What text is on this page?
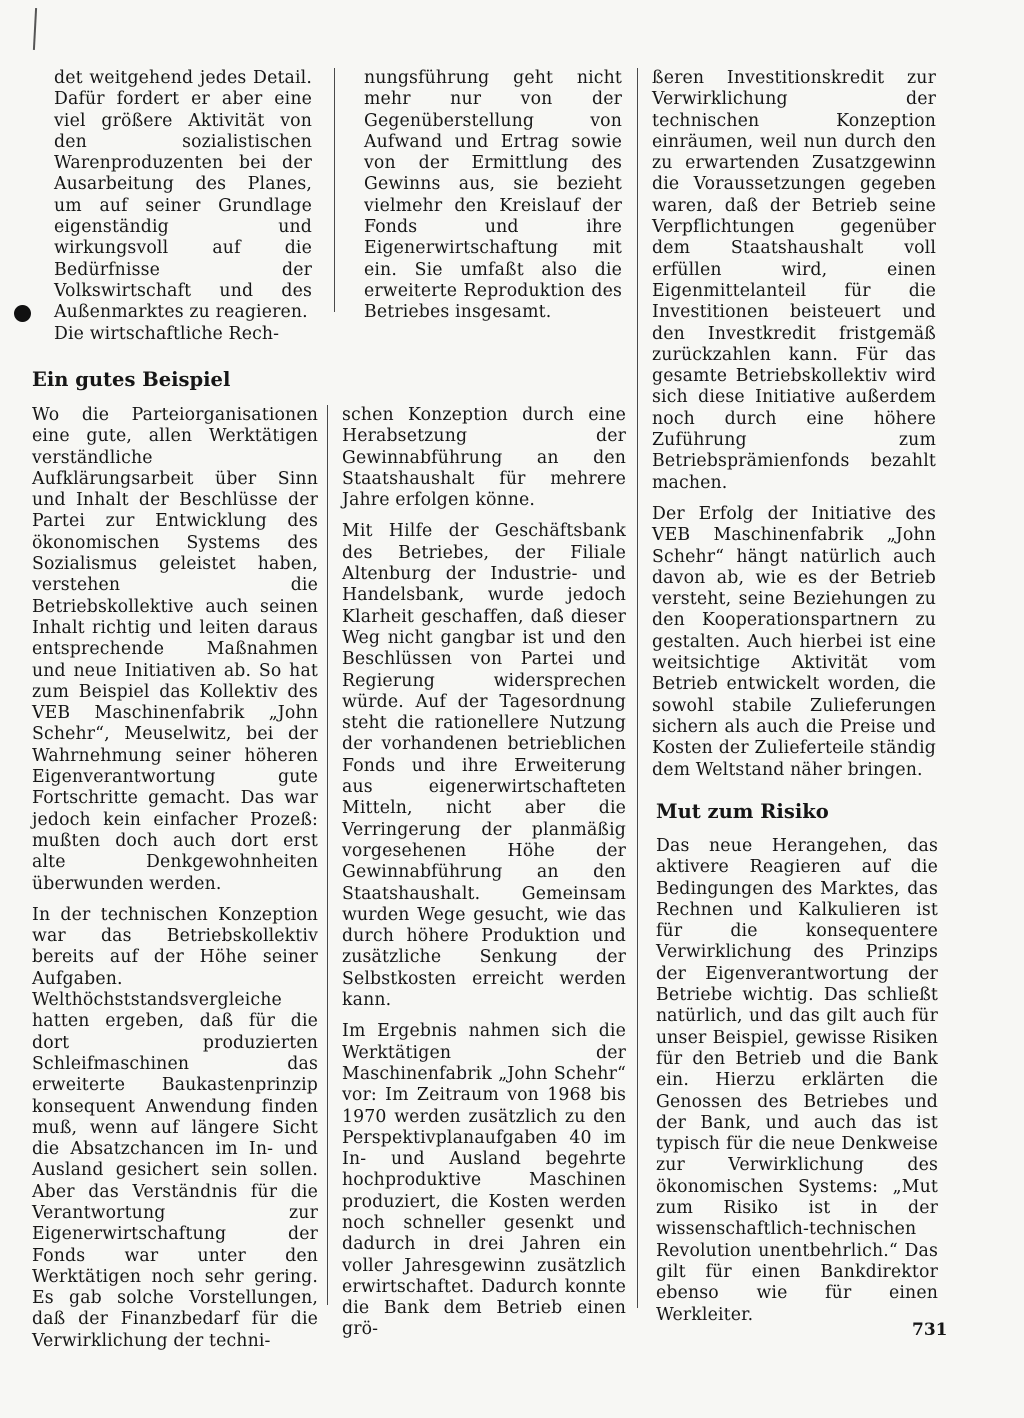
det weitgehend jedes Detail. Dafür fordert er aber eine viel größere Aktivität von den sozialistischen Warenproduzenten bei der Ausarbeitung des Planes, um auf seiner Grundlage eigenständig und wirkungsvoll auf die Bedürfnisse der Volkswirtschaft und des Außenmarktes zu reagieren.

Die wirtschaftliche Rech-

Ein gutes Beispiel

Wo die Parteiorganisationen eine gute, allen Werktätigen verständliche Aufklärungsarbeit über Sinn und Inhalt der Beschlüsse der Partei zur Entwicklung des ökonomischen Systems des Sozialismus geleistet haben, verstehen die Betriebskollektive auch seinen Inhalt richtig und leiten daraus entsprechende Maßnahmen und neue Initiativen ab. So hat zum Beispiel das Kollektiv des VEB Maschinenfabrik „John Schehr“, Meuselwitz, bei der Wahrnehmung seiner höheren Eigenverantwortung gute Fortschritte gemacht. Das war jedoch kein einfacher Prozeß: mußten doch auch dort erst alte Denkgewohnheiten überwunden werden.

In der technischen Konzeption war das Betriebskollektiv bereits auf der Höhe seiner Aufgaben. Welthöchststandsvergleiche hatten ergeben, daß für die dort produzierten Schleifmaschinen das erweiterte Baukastenprinzip konsequent Anwendung finden muß, wenn auf längere Sicht die Absatzchancen im In- und Ausland gesichert sein sollen. Aber das Verständnis für die Verantwortung zur Eigenerwirtschaftung der Fonds war unter den Werktätigen noch sehr gering. Es gab solche Vorstellungen, daß der Finanzbedarf für die Verwirklichung der techni-

nungsführung geht nicht mehr nur von der Gegenüberstellung von Aufwand und Ertrag sowie von der Ermittlung des Gewinns aus, sie bezieht vielmehr den Kreislauf der Fonds und ihre Eigenerwirtschaftung mit ein. Sie umfaßt also die erweiterte Reproduktion des Betriebes insgesamt.

schen Konzeption durch eine Herabsetzung der Gewinnabführung an den Staatshaushalt für mehrere Jahre erfolgen könne.

Mit Hilfe der Geschäftsbank des Betriebes, der Filiale Altenburg der Industrie- und Handelsbank, wurde jedoch Klarheit geschaffen, daß dieser Weg nicht gangbar ist und den Beschlüssen von Partei und Regierung widersprechen würde. Auf der Tagesordnung steht die rationellere Nutzung der vorhandenen betrieblichen Fonds und ihre Erweiterung aus eigenerwirtschafteten Mitteln, nicht aber die Verringerung der planmäßig vorgesehenen Höhe der Gewinnabführung an den Staatshaushalt. Gemeinsam wurden Wege gesucht, wie das durch höhere Produktion und zusätzliche Senkung der Selbstkosten erreicht werden kann.

Im Ergebnis nahmen sich die Werktätigen der Maschinenfabrik „John Schehr“ vor: Im Zeitraum von 1968 bis 1970 werden zusätzlich zu den Perspektivplanaufgaben 40 im In- und Ausland begehrte hochproduktive Maschinen produziert, die Kosten werden noch schneller gesenkt und dadurch in drei Jahren ein voller Jahresgewinn zusätzlich erwirtschaftet. Dadurch konnte die Bank dem Betrieb einen grö-

ßeren Investitionskredit zur Verwirklichung der technischen Konzeption einräumen, weil nun durch den zu erwartenden Zusatzgewinn die Voraussetzungen gegeben waren, daß der Betrieb seine Verpflichtungen gegenüber dem Staatshaushalt voll erfüllen wird, einen Eigenmittelanteil für die Investitionen beisteuert und den Investkredit fristgemäß zurückzahlen kann. Für das gesamte Betriebskollektiv wird sich diese Initiative außerdem noch durch eine höhere Zuführung zum Betriebsprämienfonds bezahlt machen.

Der Erfolg der Initiative des VEB Maschinenfabrik „John Schehr“ hängt natürlich auch davon ab, wie es der Betrieb versteht, seine Beziehungen zu den Kooperationspartnern zu gestalten. Auch hierbei ist eine weitsichtige Aktivität vom Betrieb entwickelt worden, die sowohl stabile Zulieferungen sichern als auch die Preise und Kosten der Zulieferteile ständig dem Weltstand näher bringen.

Mut zum Risiko

Das neue Herangehen, das aktivere Reagieren auf die Bedingungen des Marktes, das Rechnen und Kalkulieren ist für die konsequentere Verwirklichung des Prinzips der Eigenverantwortung der Betriebe wichtig. Das schließt natürlich, und das gilt auch für unser Beispiel, gewisse Risiken für den Betrieb und die Bank ein. Hierzu erklärten die Genossen des Betriebes und der Bank, und auch das ist typisch für die neue Denkweise zur Verwirklichung des ökonomischen Systems: „Mut zum Risiko ist in der wissenschaftlich-technischen Revolution unentbehrlich.“ Das gilt für einen Bankdirektor ebenso wie für einen Werkleiter.

731
